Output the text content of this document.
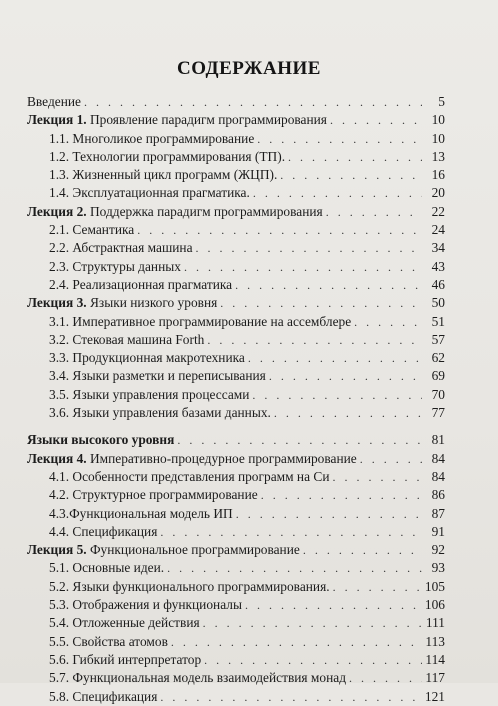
СОДЕРЖАНИЕ
Введение . . .	5
Лекция 1. Проявление парадигм программирования . . .	10
1.1. Многоликое программирование . . .	10
1.2. Технологии программирования (ТП). . . .	13
1.3. Жизненный цикл программ (ЖЦП). . . .	16
1.4. Эксплуатационная прагматика. . . .	20
Лекция 2. Поддержка парадигм программирования . . .	22
2.1. Семантика . . .	24
2.2. Абстрактная машина . . .	34
2.3. Структуры данных . . .	43
2.4. Реализационная прагматика . . .	46
Лекция 3. Языки низкого уровня . . .	50
3.1. Императивное программирование на ассемблере . . .	51
3.2. Стековая машина Forth . . .	57
3.3. Продукционная макротехника . . .	62
3.4. Языки разметки и переписывания . . .	69
3.5. Языки управления процессами . . .	70
3.6. Языки управления базами данных. . . .	77
Языки высокого уровня . . .	81
Лекция 4. Императивно-процедурное программирование . . .	84
4.1. Особенности представления программ на Си . . .	84
4.2. Структурное программирование . . .	86
4.3.Функциональная модель ИП . . .	87
4.4. Спецификация . . .	91
Лекция 5. Функциональное программирование . . .	92
5.1. Основные идеи. . . .	93
5.2. Языки функционального программирования. . . .	105
5.3. Отображения и функционалы . . .	106
5.4. Отложенные действия . . .	111
5.5. Свойства атомов . . .	113
5.6. Гибкий интерпретатор . . .	114
5.7. Функциональная модель взаимодействия монад . . .	117
5.8. Спецификация . . .	121
